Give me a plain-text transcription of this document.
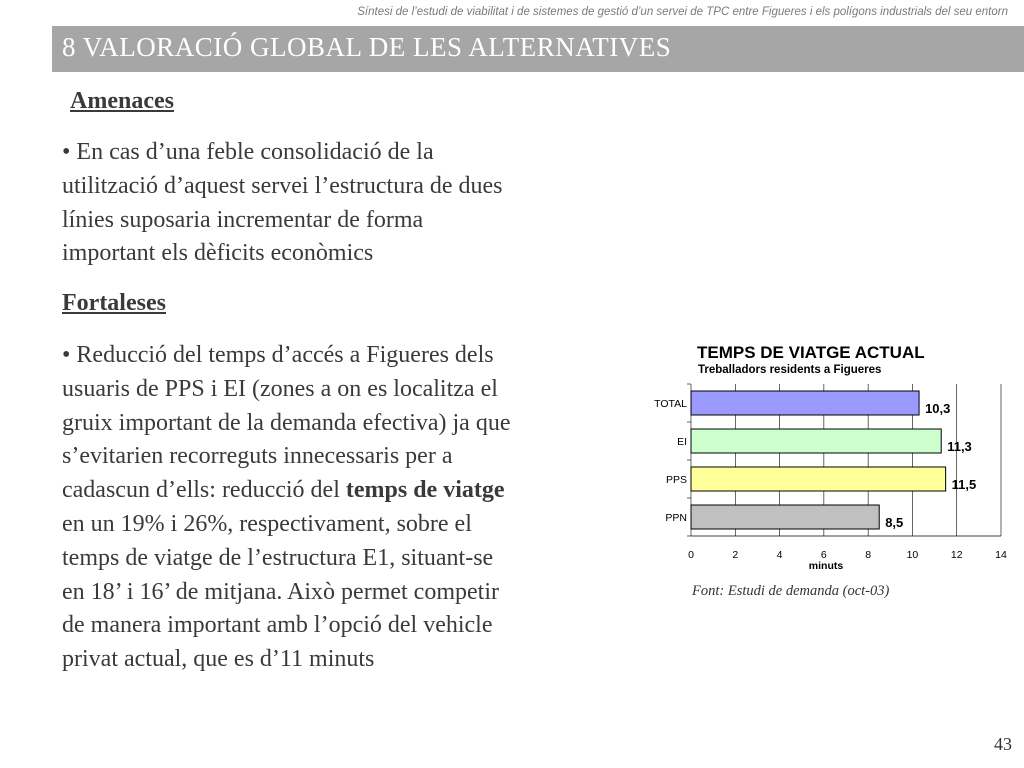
Síntesi de l’estudi de viabilitat i de sistemes de gestió d’un servei de TPC entre Figueres i els polígons industrials del seu entorn
8 VALORACIÓ GLOBAL DE LES ALTERNATIVES
Amenaces
• En cas d’una feble consolidació de la
utilització d’aquest servei l’estructura de dues
línies suposaria incrementar de forma
important els dèficits econòmics
Fortaleses
• Reducció del temps d’accés a Figueres dels
usuaris de PPS i EI (zones a on es localitza el
gruix important de la demanda efectiva) ja que
s’evitarien recorreguts innecessaris per a
cadascun d’ells: reducció del temps de viatge
en un 19% i 26%, respectivament, sobre el
temps de viatge de l’estructura E1, situant-se
en 18’ i 16’ de mitjana. Això permet competir
de manera important amb l’opció del vehicle
privat actual, que es d’11 minuts
TEMPS DE VIATGE ACTUAL
Treballadors residents a Figueres
TOTAL	10,3
EI	11,3
PPS	11,5
PPN	8,5
0	2	4	6	8	10	12	14
minuts
Font: Estudi de demanda (oct-03)
43
